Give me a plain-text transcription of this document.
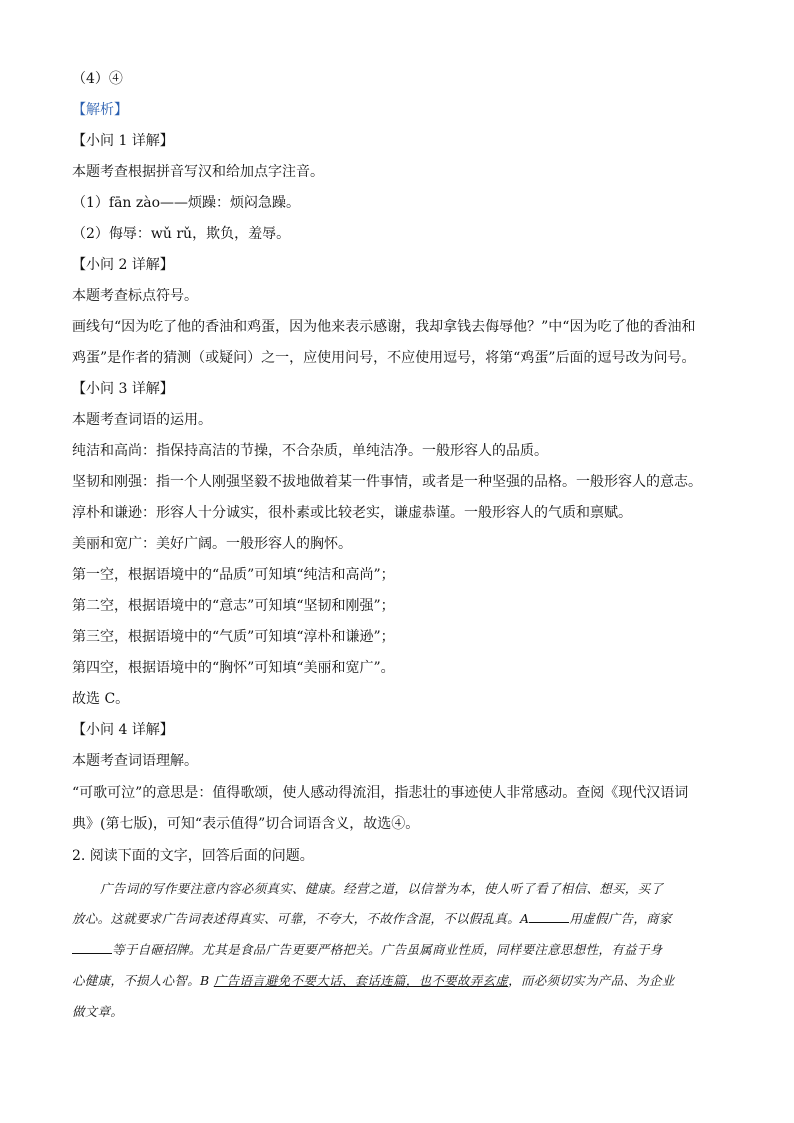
（4）④
【解析】
【小问 1 详解】
本题考查根据拼音写汉和给加点字注音。
（1）fān zào——烦躁：烦闷急躁。
（2）侮辱：wǔ rǔ，欺负，羞辱。
【小问 2 详解】
本题考查标点符号。
画线句“因为吃了他的香油和鸡蛋，因为他来表示感谢，我却拿钱去侮辱他？”中“因为吃了他的香油和
鸡蛋”是作者的猜测（或疑问）之一，应使用问号，不应使用逗号，将第“鸡蛋”后面的逗号改为问号。
【小问 3 详解】
本题考查词语的运用。
纯洁和高尚：指保持高洁的节操，不合杂质，单纯洁净。一般形容人的品质。
坚韧和刚强：指一个人刚强坚毅不拔地做着某一件事情，或者是一种坚强的品格。一般形容人的意志。
淳朴和谦逊：形容人十分诚实，很朴素或比较老实，谦虚恭谨。一般形容人的气质和禀赋。
美丽和宽广：美好广阔。一般形容人的胸怀。
第一空，根据语境中的“品质”可知填“纯洁和高尚”；
第二空，根据语境中的“意志”可知填“坚韧和刚强”；
第三空，根据语境中的“气质”可知填“淳朴和谦逊”；
第四空，根据语境中的“胸怀”可知填“美丽和宽广”。
故选 C。
【小问 4 详解】
本题考查词语理解。
“可歌可泣”的意思是：值得歌颂，使人感动得流泪，指悲壮的事迹使人非常感动。查阅《现代汉语词
典》(第七版)，可知“表示值得”切合词语含义，故选④。
2. 阅读下面的文字，回答后面的问题。
广告词的写作要注意内容必须真实、健康。经营之道，以信誉为本，使人听了看了相信、想买，买了
放心。这就要求广告词表述得真实、可靠，不夸大，不故作含混，不以假乱真。A	用虚假广告，商家
等于自砸招牌。尤其是食品广告更要严格把关。广告虽属商业性质，同样要注意思想性，有益于身
心健康，不损人心智。B 广告语言避免不要大话、套话连篇，也不要故弄玄虚，而必须切实为产品、为企业
做文章。
